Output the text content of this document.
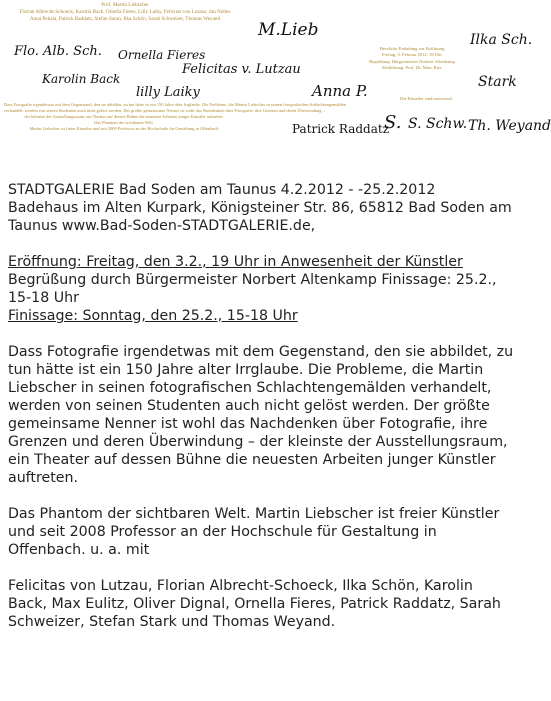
Prof. Martin Liebscher
Florian Albrecht-Schoeck, Karolin Back, Ornella Fieres, Lilly Laiky, Felicitas von Lutzau, Jan Nolles
Anna Pekala, Patrick Raddatz, Stefan Saran, Ilka Schön, Sarah Schweizer, Thomas Weyand
M.Lieb
Flo. Alb. Sch. Ornella Fieres
Karolin Back
Felicitas v. Lutzau
lilly Laiky	Anna P.
Ilka Sch.
Stark
Patrick Raddatz
S. S. Schw. Th. Weyand
Herzliche Einladung zur Eröffnung
Freitag, 3. Februar 2012, 19 Uhr
Begrüßung: Bürgermeister Norbert Altenkamp
Einführung: Prof. Dr. Marc Ries
Die Künstler sind anwesend
Dass Fotografie irgendetwas mit dem Gegenstand, den sie abbildet, zu tun hätte ist ein 150 Jahre alter Irrglaube. Die Probleme, die Martin Liebscher in seinen fotografischen Schlachtengemälden
verhandelt, werden von seinen Studenten auch nicht gelöst werden. Der größte gemeinsame Nenner ist wohl das Nachdenken über Fotografie, ihre Grenzen und deren Überwindung –
der kleinste der Ausstellungsraum, ein Theater auf dessen Bühne die neuesten Arbeiten junger Künstler auftreten.
Das Phantom der sichtbaren Welt.
Martin Liebscher ist freier Künstler und seit 2008 Professor an der Hochschule für Gestaltung in Offenbach

STADTGALERIE Bad Soden am Taunus 4.2.2012 - -25.2.2012
Badehaus im Alten Kurpark, Königsteiner Str. 86, 65812 Bad Soden am
Taunus www.Bad-Soden-STADTGALERIE.de,

Eröffnung: Freitag, den 3.2., 19 Uhr in Anwesenheit der Künstler
Begrüßung durch Bürgermeister Norbert Altenkamp Finissage: 25.2.,
15-18 Uhr
Finissage: Sonntag, den 25.2., 15-18 Uhr

Dass Fotografie irgendetwas mit dem Gegenstand, den sie abbildet, zu
tun hätte ist ein 150 Jahre alter Irrglaube. Die Probleme, die Martin
Liebscher in seinen fotografischen Schlachtengemälden verhandelt,
werden von seinen Studenten auch nicht gelöst werden. Der größte
gemeinsame Nenner ist wohl das Nachdenken über Fotografie, ihre
Grenzen und deren Überwindung – der kleinste der Ausstellungsraum,
ein Theater auf dessen Bühne die neuesten Arbeiten junger Künstler
auftreten.

Das Phantom der sichtbaren Welt. Martin Liebscher ist freier Künstler
und seit 2008 Professor an der Hochschule für Gestaltung in
Offenbach. u. a. mit

Felicitas von Lutzau, Florian Albrecht-Schoeck, Ilka Schön, Karolin
Back, Max Eulitz, Oliver Dignal, Ornella Fieres, Patrick Raddatz, Sarah
Schweizer, Stefan Stark und Thomas Weyand.
